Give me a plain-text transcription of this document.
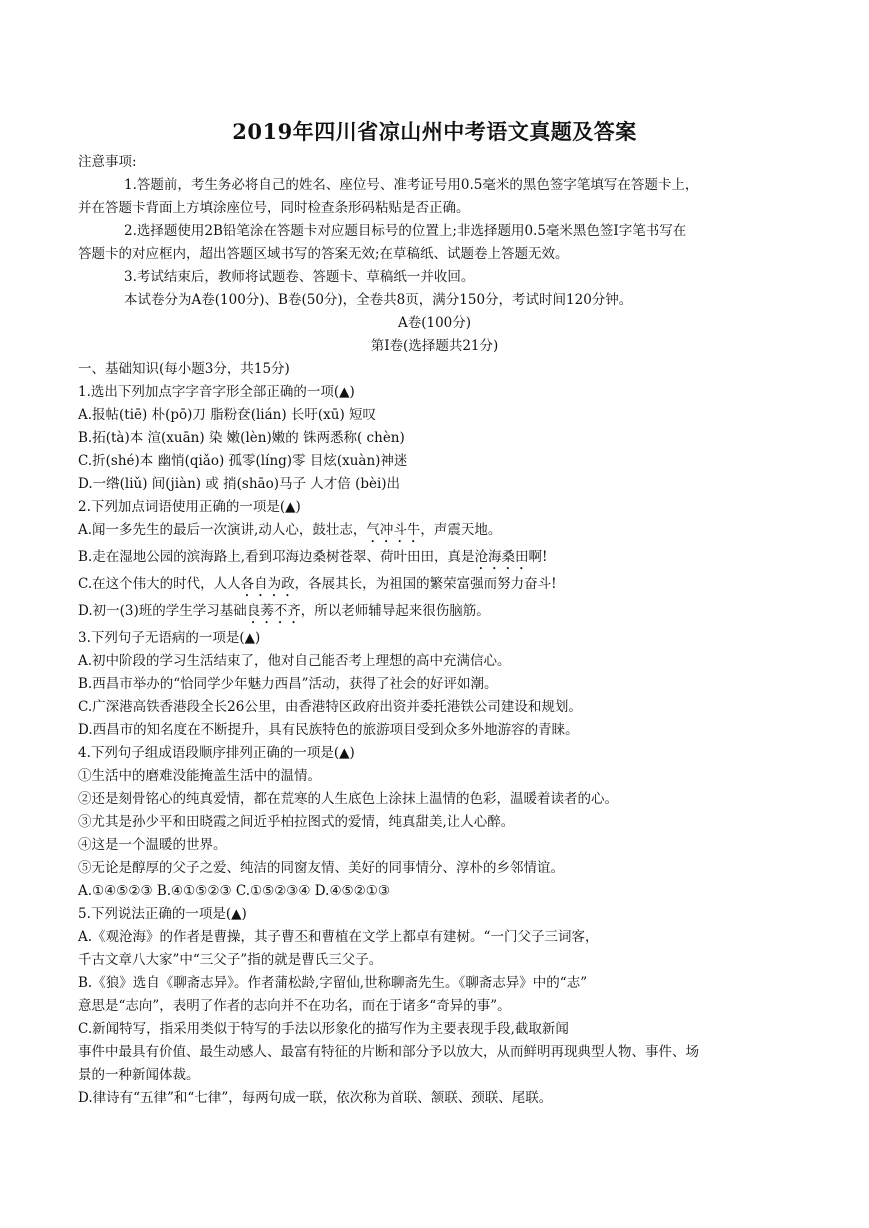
2019年四川省凉山州中考语文真题及答案
注意事项:
1.答题前，考生务必将自己的姓名、座位号、准考证号用0.5毫米的黑色签字笔填写在答题卡上，
并在答题卡背面上方填涂座位号，同时检查条形码粘贴是否正确。
2.选择题使用2B铅笔涂在答题卡对应题目标号的位置上;非选择题用0.5毫米黑色签Ⅰ字笔书写在
答题卡的对应框内，超出答题区域书写的答案无效;在草稿纸、试题卷上答题无效。
3.考试结束后，教师将试题卷、答题卡、草稿纸一并收回。
本试卷分为A卷(100分)、B卷(50分)，全卷共8页，满分150分，考试时间120分钟。
A卷(100分)
第Ⅰ卷(选择题共21分)
一、基础知识(每小题3分，共15分)
1.选出下列加点字字音字形全部正确的一项(▲)
A.报帖(tiē) 朴(pō)刀 脂粉奁(lián) 长吁(xū) 短叹
B.拓(tà)本 渲(xuān) 染 嫩(lèn)嫩的 铢两悉称( chèn)
C.折(shé)本 幽悄(qiǎo) 孤零(líng)零 目炫(xuàn)神迷
D.一绺(liǔ) 间(jiàn) 或 捎(shāo)马子 人才倍 (bèi)出
2.下列加点词语使用正确的一项是(▲)
A.闻一多先生的最后一次演讲,动人心，鼓壮志，气冲斗牛，声震天地。
B.走在湿地公园的滨海路上,看到邛海边桑树苍翠、荷叶田田，真是沧海桑田啊!
C.在这个伟大的时代，人人各自为政，各展其长，为祖国的繁荣富强而努力奋斗!
D.初一(3)班的学生学习基础良莠不齐，所以老师辅导起来很伤脑筋。
3.下列句子无语病的一项是(▲)
A.初中阶段的学习生活结束了，他对自己能否考上理想的高中充满信心。
B.西昌市举办的“恰同学少年魅力西昌”活动，获得了社会的好评如潮。
C.广深港高铁香港段全长26公里，由香港特区政府出资并委托港铁公司建设和规划。
D.西昌市的知名度在不断提升，具有民族特色的旅游项目受到众多外地游容的青睐。
4.下列句子组成语段顺序排列正确的一项是(▲)
①生活中的磨难没能掩盖生活中的温情。
②还是刻骨铭心的纯真爱情，都在荒寒的人生底色上涂抹上温情的色彩，温暖着读者的心。
③尤其是孙少平和田晓霞之间近乎柏拉图式的爱情，纯真甜美,让人心醉。
④这是一个温暖的世界。
⑤无论是醇厚的父子之爱、纯洁的同窗友情、美好的同事情分、淳朴的乡邻情谊。
A.①④⑤②③ B.④①⑤②③ C.①⑤②③④ D.④⑤②①③
5.下列说法正确的一项是(▲)
A.《观沧海》的作者是曹操，其子曹丕和曹植在文学上都卓有建树。“一门父子三词客，
千古文章八大家”中“三父子”指的就是曹氏三父子。
B.《狼》选自《聊斋志异》。作者蒲松龄,字留仙,世称聊斋先生。《聊斋志异》中的“志”
意思是“志向”，表明了作者的志向并不在功名，而在于诸多“奇异的事”。
C.新闻特写，指采用类似于特写的手法以形象化的描写作为主要表现手段,截取新闻
事件中最具有价值、最生动感人、最富有特征的片断和部分予以放大，从而鲜明再现典型人物、事件、场
景的一种新闻体裁。
D.律诗有“五律”和“七律”，每两句成一联，依次称为首联、颔联、颈联、尾联。
